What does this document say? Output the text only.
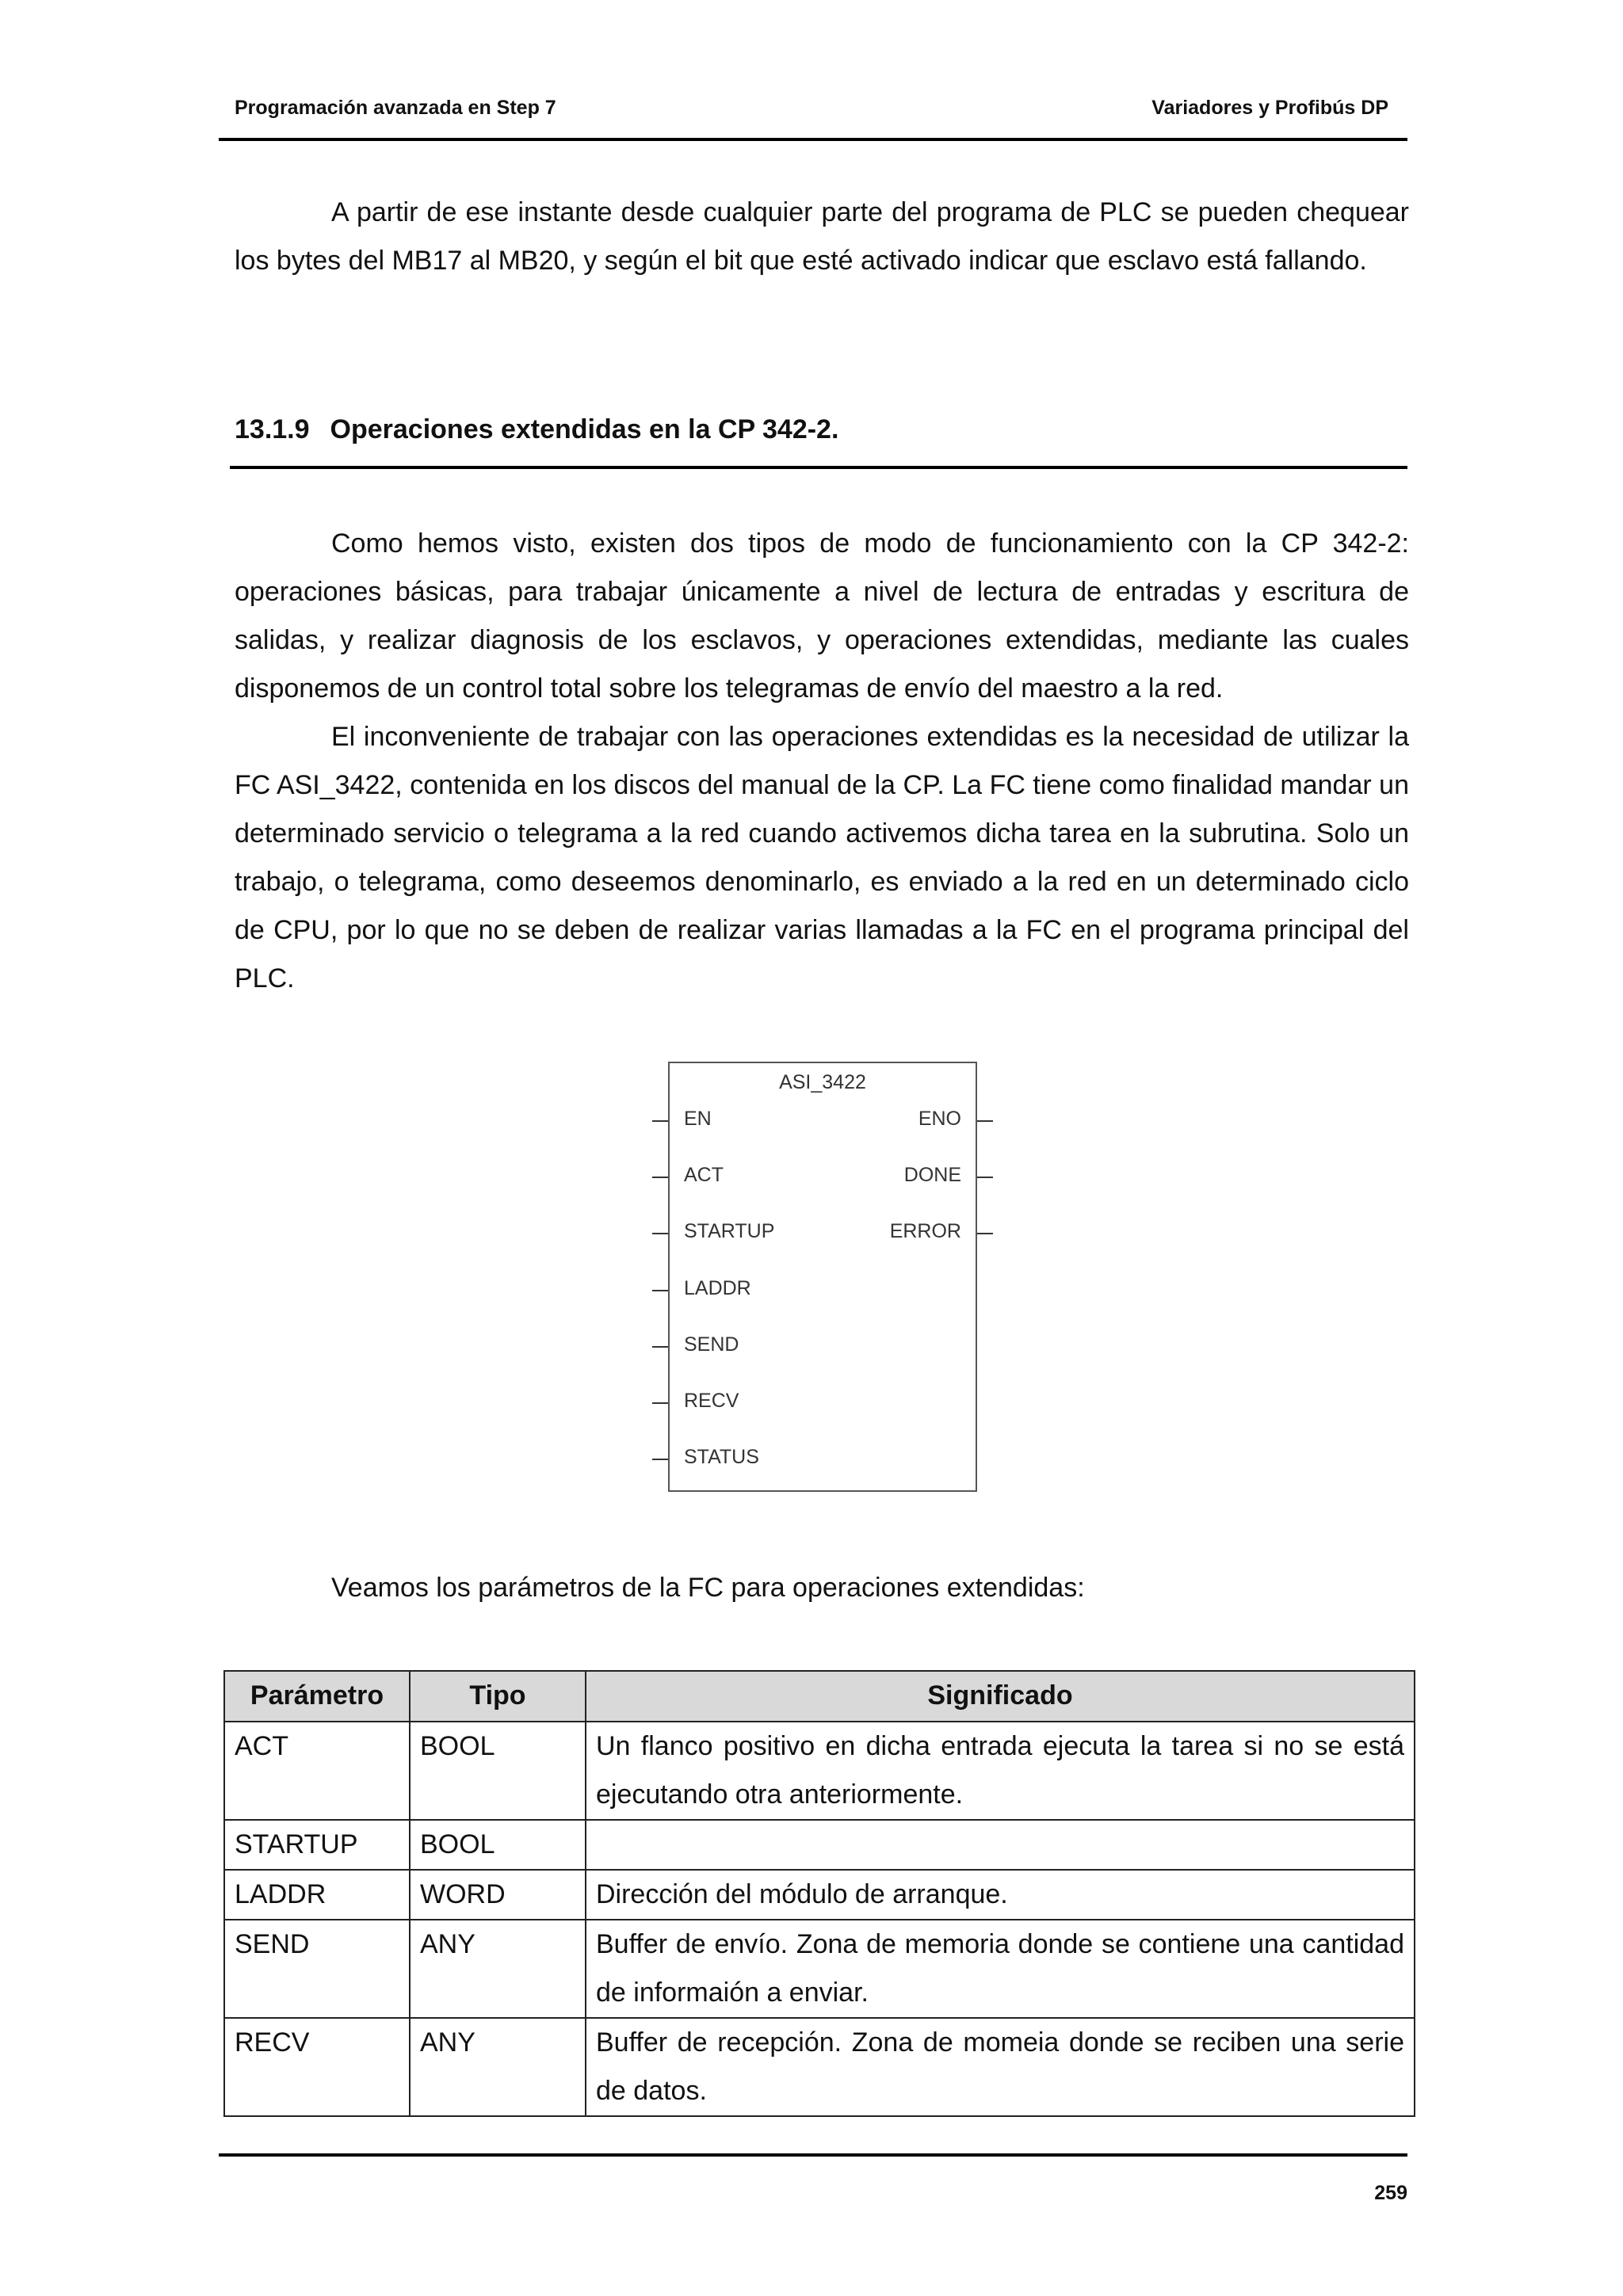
Programación avanzada en Step 7	Variadores y Profibús DP

A partir de ese instante desde cualquier parte del programa de PLC se pueden chequear los bytes del MB17 al MB20, y según el bit que esté activado indicar que esclavo está fallando.

13.1.9 Operaciones extendidas en la CP 342-2.

Como hemos visto, existen dos tipos de modo de funcionamiento con la CP 342-2: operaciones básicas, para trabajar únicamente a nivel de lectura de entradas y escritura de salidas, y realizar diagnosis de los esclavos, y operaciones extendidas, mediante las cuales disponemos de un control total sobre los telegramas de envío del maestro a la red.

El inconveniente de trabajar con las operaciones extendidas es la necesidad de utilizar la FC ASI_3422, contenida en los discos del manual de la CP. La FC tiene como finalidad mandar un determinado servicio o telegrama a la red cuando activemos dicha tarea en la subrutina. Solo un trabajo, o telegrama, como deseemos denominarlo, es enviado a la red en un determinado ciclo de CPU, por lo que no se deben de realizar varias llamadas a la FC en el programa principal del PLC.

ASI_3422
EN
ACT
STARTUP
LADDR
SEND
RECV
STATUS
ENO
DONE
ERROR

Veamos los parámetros de la FC para operaciones extendidas:

Parámetro	Tipo	Significado
ACT	BOOL	Un flanco positivo en dicha entrada ejecuta la tarea si no se está ejecutando otra anteriormente.
STARTUP	BOOL	
LADDR	WORD	Dirección del módulo de arranque.
SEND	ANY	Buffer de envío. Zona de memoria donde se contiene una cantidad de informaión a enviar.
RECV	ANY	Buffer de recepción. Zona de momeia donde se reciben una serie de datos.
259
